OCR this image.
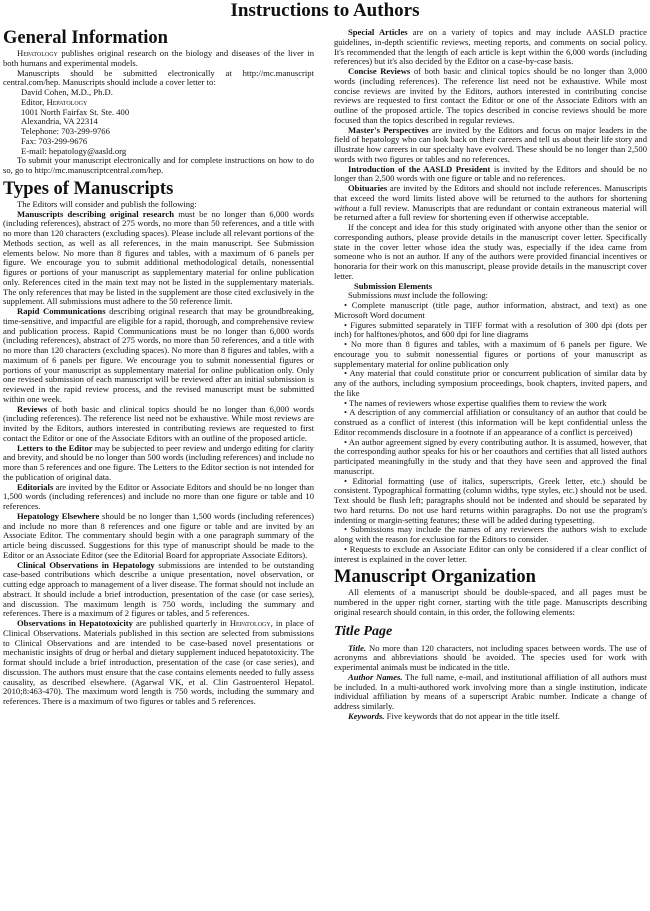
Instructions to Authors
General Information

Hepatology publishes original research on the biology and diseases of the liver in both humans and experimental models.

Manuscripts should be submitted electronically at http://mc.manuscript central.com/hep. Manuscripts should include a cover letter to:

David Cohen, M.D., Ph.D.

Editor, Hepatology

1001 North Fairfax St. Ste. 400

Alexandria, VA 22314

Telephone: 703-299-9766

Fax: 703-299-9676

E-mail: hepatology@aasld.org

To submit your manuscript electronically and for complete instructions on how to do so, go to http://mc.manuscriptcentral.com/hep.

Types of Manuscripts

The Editors will consider and publish the following:

Manuscripts describing original research must be no longer than 6,000 words (including references), abstract of 275 words, no more than 50 references, and a title with no more than 120 characters (excluding spaces). Please include all relevant portions of the Methods section, as well as all references, in the main manuscript. See Submission elements below. No more than 8 figures and tables, with a maximum of 6 panels per figure. We encourage you to submit additional methodological details, nonessential figures or portions of your manuscript as supplementary material for online publication only. References cited in the main text may not be listed in the supplementary materials. The only references that may be listed in the supplement are those cited exclusively in the supplement. All submissions must adhere to the 50 reference limit.

Rapid Communications describing original research that may be groundbreaking, time-sensitive, and impactful are eligible for a rapid, thorough, and comprehensive review and publication process. Rapid Communications must be no longer than 6,000 words (including references), abstract of 275 words, no more than 50 references, and a title with no more than 120 characters (excluding spaces). No more than 8 figures and tables, with a maximum of 6 panels per figure. We encourage you to submit nonessential figures or portions of your manuscript as supplementary material for online publication only. Only one revised submission of each manuscript will be reviewed after an initial submission is reviewed in the rapid review process, and the revised manuscript must be submitted within one week.

Reviews of both basic and clinical topics should be no longer than 6,000 words (including references). The reference list need not be exhaustive. While most reviews are invited by the Editors, authors interested in contributing reviews are requested to first contact the Editor or one of the Associate Editors with an outline of the proposed article.

Letters to the Editor may be subjected to peer review and undergo editing for clarity and brevity, and should be no longer than 500 words (including references) and include no more than 5 references and one figure. The Letters to the Editor section is not intended for the publication of original data.

Editorials are invited by the Editor or Associate Editors and should be no longer than 1,500 words (including references) and include no more than one figure or table and 10 references.

Hepatology Elsewhere should be no longer than 1,500 words (including references) and include no more than 8 references and one figure or table and are invited by an Associate Editor. The commentary should begin with a one paragraph summary of the article being discussed. Suggestions for this type of manuscript should be made to the Editor or an Associate Editor (see the Editorial Board for appropriate Associate Editors).

Clinical Observations in Hepatology submissions are intended to be outstanding case-based contributions which describe a unique presentation, novel observation, or cutting edge approach to management of a liver disease. The format should not include an abstract. It should include a brief introduction, presentation of the case (or case series), and discussion. The maximum length is 750 words, including the summary and references. There is a maximum of 2 figures or tables, and 5 references.

Observations in Hepatotoxicity are published quarterly in Hepatology, in place of Clinical Observations. Materials published in this section are selected from submissions to Clinical Observations and are intended to be case-based novel presentations or mechanistic insights of drug or herbal and dietary supplement induced hepatotoxicity. The format should include a brief introduction, presentation of the case (or case series), and discussion. The authors must ensure that the case contains elements needed to fully assess causality, as described elsewhere. (Agarwal VK, et al. Clin Gastroenterol Hepatol. 2010;8:463-470). The maximum word length is 750 words, including the summary and references. There is a maximum of two figures or tables and 5 references.

Special Articles are on a variety of topics and may include AASLD practice guidelines, in-depth scientific reviews, meeting reports, and comments on social policy. It's recommended that the length of each article is kept within the 6,000 words (including references) but it's also decided by the Editor on a case-by-case basis.

Concise Reviews of both basic and clinical topics should be no longer than 3,000 words (including references). The reference list need not be exhaustive. While most concise reviews are invited by the Editors, authors interested in contributing concise reviews are requested to first contact the Editor or one of the Associate Editors with an outline of the proposed article. The topics described in concise reviews should be more focused than the topics described in regular reviews.

Master's Perspectives are invited by the Editors and focus on major leaders in the field of hepatology who can look back on their careers and tell us about their life story and illustrate how careers in our specialty have evolved. These should be no longer than 2,500 words with two figures or tables and no references.

Introduction of the AASLD President is invited by the Editors and should be no longer than 2,500 words with one figure or table and no references.

Obituaries are invited by the Editors and should not include references. Manuscripts that exceed the word limits listed above will be returned to the authors for shortening without a full review. Manuscripts that are redundant or contain extraneous material will be returned after a full review for shortening even if otherwise acceptable.

If the concept and idea for this study originated with anyone other than the senior or corresponding authors, please provide details in the manuscript cover letter. Specifically state in the cover letter whose idea the study was, especially if the idea came from someone who is not an author. If any of the authors were provided financial incentives or honoraria for their work on this manuscript, please provide details in the manuscript cover letter.

Submission Elements

Submissions must include the following:

• Complete manuscript (title page, author information, abstract, and text) as one Microsoft Word document

• Figures submitted separately in TIFF format with a resolution of 300 dpi (dots per inch) for halftones/photos, and 600 dpi for line diagrams

• No more than 8 figures and tables, with a maximum of 6 panels per figure. We encourage you to submit nonessential figures or portions of your manuscript as supplementary material for online publication only

• Any material that could constitute prior or concurrent publication of similar data by any of the authors, including symposium proceedings, book chapters, invited papers, and the like

• The names of reviewers whose expertise qualifies them to review the work

• A description of any commercial affiliation or consultancy of an author that could be construed as a conflict of interest (this information will be kept confidential unless the Editor recommends disclosure in a footnote if an appearance of a conflict is perceived)

• An author agreement signed by every contributing author. It is assumed, however, that the corresponding author speaks for his or her coauthors and certifies that all listed authors participated meaningfully in the study and that they have seen and approved the final manuscript.

• Editorial formatting (use of italics, superscripts, Greek letter, etc.) should be consistent. Typographical formatting (column widths, type styles, etc.) should not be used. Text should be flush left; paragraphs should not be indented and should be separated by two hard returns. Do not use hard returns within paragraphs. Do not use the program's indenting or margin-setting features; these will be added during typesetting.

• Submissions may include the names of any reviewers the authors wish to exclude along with the reason for exclusion for the Editors to consider.

• Requests to exclude an Associate Editor can only be considered if a clear conflict of interest is explained in the cover letter.

Manuscript Organization

All elements of a manuscript should be double-spaced, and all pages must be numbered in the upper right corner, starting with the title page. Manuscripts describing original research should contain, in this order, the following elements:

Title Page

Title. No more than 120 characters, not including spaces between words. The use of acronyms and abbreviations should be avoided. The species used for work with experimental animals must be indicated in the title.

Author Names. The full name, e-mail, and institutional affiliation of all authors must be included. In a multi-authored work involving more than a single institution, indicate individual affiliation by means of a superscript Arabic number. Indicate a change of address similarly.

Keywords. Five keywords that do not appear in the title itself.
